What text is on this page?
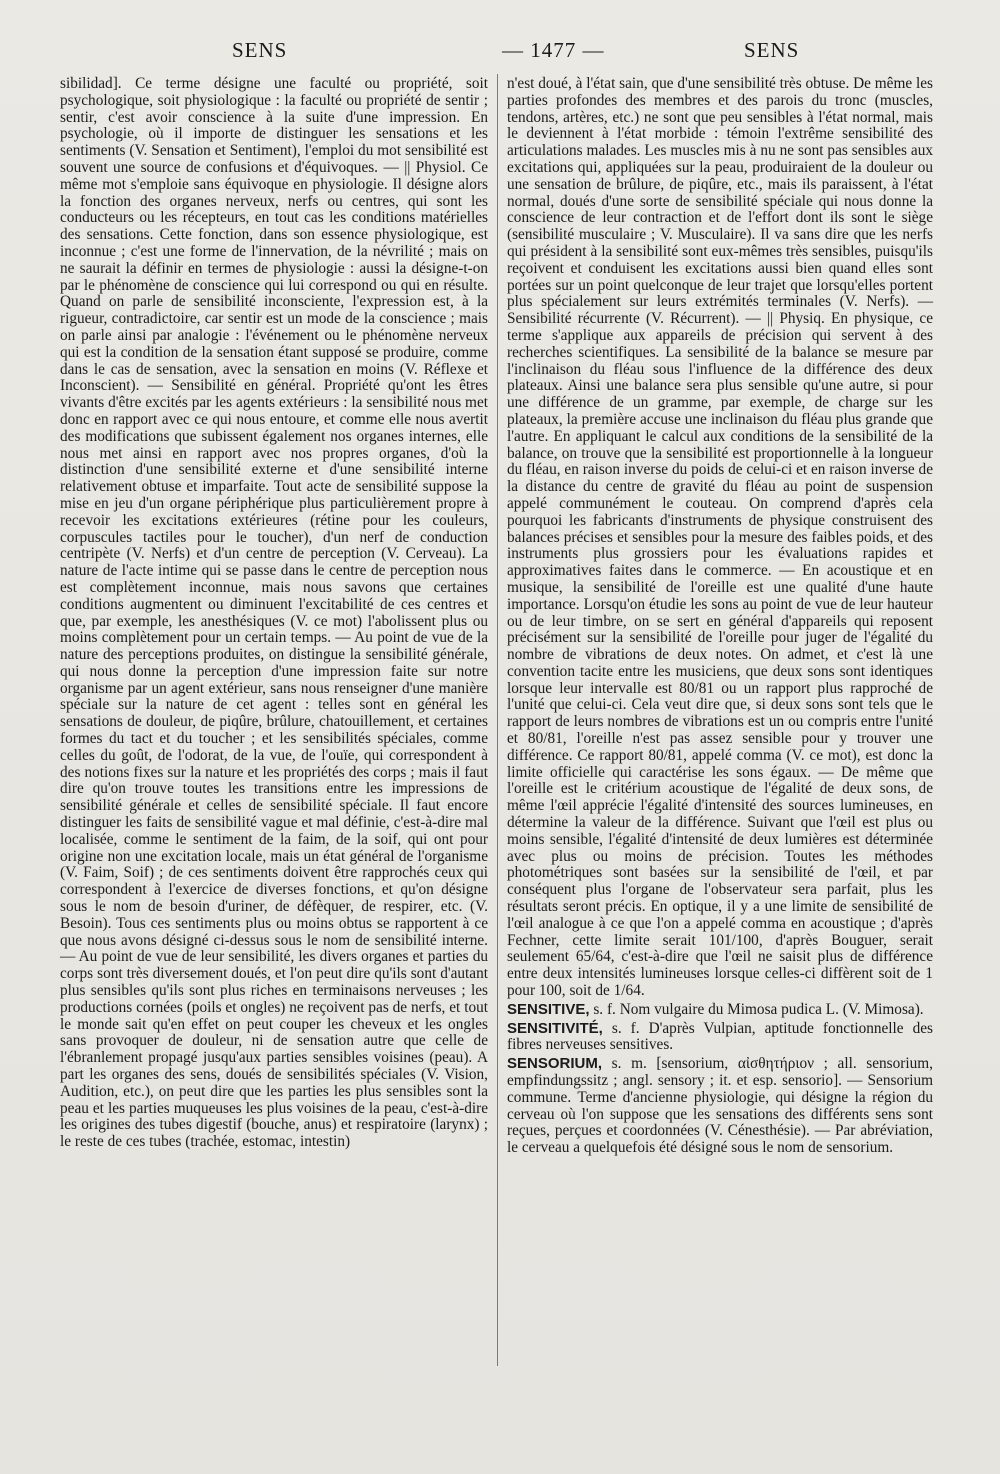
SENS	— 1477 —	SENS

sibilidad]. Ce terme désigne une faculté ou propriété, soit psychologique, soit physiologique : la faculté ou propriété de sentir ; sentir, c'est avoir conscience à la suite d'une impression. En psychologie, où il importe de distinguer les sensations et les sentiments (V. Sensation et Sentiment), l'emploi du mot sensibilité est souvent une source de confusions et d'équivoques. — || Physiol. Ce même mot s'emploie sans équivoque en physiologie. Il désigne alors la fonction des organes nerveux, nerfs ou centres, qui sont les conducteurs ou les récepteurs, en tout cas les conditions matérielles des sensations. Cette fonction, dans son essence physiologique, est inconnue ; c'est une forme de l'innervation, de la névrilité ; mais on ne saurait la définir en termes de physiologie : aussi la désigne-t-on par le phénomène de conscience qui lui correspond ou qui en résulte. Quand on parle de sensibilité inconsciente, l'expression est, à la rigueur, contradictoire, car sentir est un mode de la conscience ; mais on parle ainsi par analogie : l'événement ou le phénomène nerveux qui est la condition de la sensation étant supposé se produire, comme dans le cas de sensation, avec la sensation en moins (V. Réflexe et Inconscient). — Sensibilité en général. Propriété qu'ont les êtres vivants d'être excités par les agents extérieurs : la sensibilité nous met donc en rapport avec ce qui nous entoure, et comme elle nous avertit des modifications que subissent également nos organes internes, elle nous met ainsi en rapport avec nos propres organes, d'où la distinction d'une sensibilité externe et d'une sensibilité interne relativement obtuse et imparfaite. Tout acte de sensibilité suppose la mise en jeu d'un organe périphérique plus particulièrement propre à recevoir les excitations extérieures (rétine pour les couleurs, corpuscules tactiles pour le toucher), d'un nerf de conduction centripète (V. Nerfs) et d'un centre de perception (V. Cerveau). La nature de l'acte intime qui se passe dans le centre de perception nous est complètement inconnue, mais nous savons que certaines conditions augmentent ou diminuent l'excitabilité de ces centres et que, par exemple, les anesthésiques (V. ce mot) l'abolissent plus ou moins complètement pour un certain temps. — Au point de vue de la nature des perceptions produites, on distingue la sensibilité générale, qui nous donne la perception d'une impression faite sur notre organisme par un agent extérieur, sans nous renseigner d'une manière spéciale sur la nature de cet agent : telles sont en général les sensations de douleur, de piqûre, brûlure, chatouillement, et certaines formes du tact et du toucher ; et les sensibilités spéciales, comme celles du goût, de l'odorat, de la vue, de l'ouïe, qui correspondent à des notions fixes sur la nature et les propriétés des corps ; mais il faut dire qu'on trouve toutes les transitions entre les impressions de sensibilité générale et celles de sensibilité spéciale. Il faut encore distinguer les faits de sensibilité vague et mal définie, c'est-à-dire mal localisée, comme le sentiment de la faim, de la soif, qui ont pour origine non une excitation locale, mais un état général de l'organisme (V. Faim, Soif) ; de ces sentiments doivent être rapprochés ceux qui correspondent à l'exercice de diverses fonctions, et qu'on désigne sous le nom de besoin d'uriner, de défèquer, de respirer, etc. (V. Besoin). Tous ces sentiments plus ou moins obtus se rapportent à ce que nous avons désigné ci-dessus sous le nom de sensibilité interne. — Au point de vue de leur sensibilité, les divers organes et parties du corps sont très diversement doués, et l'on peut dire qu'ils sont d'autant plus sensibles qu'ils sont plus riches en terminaisons nerveuses ; les productions cornées (poils et ongles) ne reçoivent pas de nerfs, et tout le monde sait qu'en effet on peut couper les cheveux et les ongles sans provoquer de douleur, ni de sensation autre que celle de l'ébranlement propagé jusqu'aux parties sensibles voisines (peau). A part les organes des sens, doués de sensibilités spéciales (V. Vision, Audition, etc.), on peut dire que les parties les plus sensibles sont la peau et les parties muqueuses les plus voisines de la peau, c'est-à-dire les origines des tubes digestif (bouche, anus) et respiratoire (larynx) ; le reste de ces tubes (trachée, estomac, intestin)

n'est doué, à l'état sain, que d'une sensibilité très obtuse. De même les parties profondes des membres et des parois du tronc (muscles, tendons, artères, etc.) ne sont que peu sensibles à l'état normal, mais le deviennent à l'état morbide : témoin l'extrême sensibilité des articulations malades. Les muscles mis à nu ne sont pas sensibles aux excitations qui, appliquées sur la peau, produiraient de la douleur ou une sensation de brûlure, de piqûre, etc., mais ils paraissent, à l'état normal, doués d'une sorte de sensibilité spéciale qui nous donne la conscience de leur contraction et de l'effort dont ils sont le siège (sensibilité musculaire ; V. Musculaire). Il va sans dire que les nerfs qui président à la sensibilité sont eux-mêmes très sensibles, puisqu'ils reçoivent et conduisent les excitations aussi bien quand elles sont portées sur un point quelconque de leur trajet que lorsqu'elles portent plus spécialement sur leurs extrémités terminales (V. Nerfs). — Sensibilité récurrente (V. Récurrent). — || Physiq. En physique, ce terme s'applique aux appareils de précision qui servent à des recherches scientifiques. La sensibilité de la balance se mesure par l'inclinaison du fléau sous l'influence de la différence des deux plateaux. Ainsi une balance sera plus sensible qu'une autre, si pour une différence de un gramme, par exemple, de charge sur les plateaux, la première accuse une inclinaison du fléau plus grande que l'autre. En appliquant le calcul aux conditions de la sensibilité de la balance, on trouve que la sensibilité est proportionnelle à la longueur du fléau, en raison inverse du poids de celui-ci et en raison inverse de la distance du centre de gravité du fléau au point de suspension appelé communément le couteau. On comprend d'après cela pourquoi les fabricants d'instruments de physique construisent des balances précises et sensibles pour la mesure des faibles poids, et des instruments plus grossiers pour les évaluations rapides et approximatives faites dans le commerce. — En acoustique et en musique, la sensibilité de l'oreille est une qualité d'une haute importance. Lorsqu'on étudie les sons au point de vue de leur hauteur ou de leur timbre, on se sert en général d'appareils qui reposent précisément sur la sensibilité de l'oreille pour juger de l'égalité du nombre de vibrations de deux notes. On admet, et c'est là une convention tacite entre les musiciens, que deux sons sont identiques lorsque leur intervalle est 80/81 ou un rapport plus rapproché de l'unité que celui-ci. Cela veut dire que, si deux sons sont tels que le rapport de leurs nombres de vibrations est un ou compris entre l'unité et 80/81, l'oreille n'est pas assez sensible pour y trouver une différence. Ce rapport 80/81, appelé comma (V. ce mot), est donc la limite officielle qui caractérise les sons égaux. — De même que l'oreille est le critérium acoustique de l'égalité de deux sons, de même l'œil apprécie l'égalité d'intensité des sources lumineuses, en détermine la valeur de la différence. Suivant que l'œil est plus ou moins sensible, l'égalité d'intensité de deux lumières est déterminée avec plus ou moins de précision. Toutes les méthodes photométriques sont basées sur la sensibilité de l'œil, et par conséquent plus l'organe de l'observateur sera parfait, plus les résultats seront précis. En optique, il y a une limite de sensibilité de l'œil analogue à ce que l'on a appelé comma en acoustique ; d'après Fechner, cette limite serait 101/100, d'après Bouguer, serait seulement 65/64, c'est-à-dire que l'œil ne saisit plus de différence entre deux intensités lumineuses lorsque celles-ci diffèrent soit de 1 pour 100, soit de 1/64.

SENSITIVE, s. f. Nom vulgaire du Mimosa pudica L. (V. Mimosa).

SENSITIVITÉ, s. f. D'après Vulpian, aptitude fonctionnelle des fibres nerveuses sensitives.

SENSORIUM, s. m. [sensorium, αἰσθητήριον ; all. sensorium, empfindungssitz ; angl. sensory ; it. et esp. sensorio]. — Sensorium commune. Terme d'ancienne physiologie, qui désigne la région du cerveau où l'on suppose que les sensations des différents sens sont reçues, perçues et coordonnées (V. Cénesthésie). — Par abréviation, le cerveau a quelquefois été désigné sous le nom de sensorium.
